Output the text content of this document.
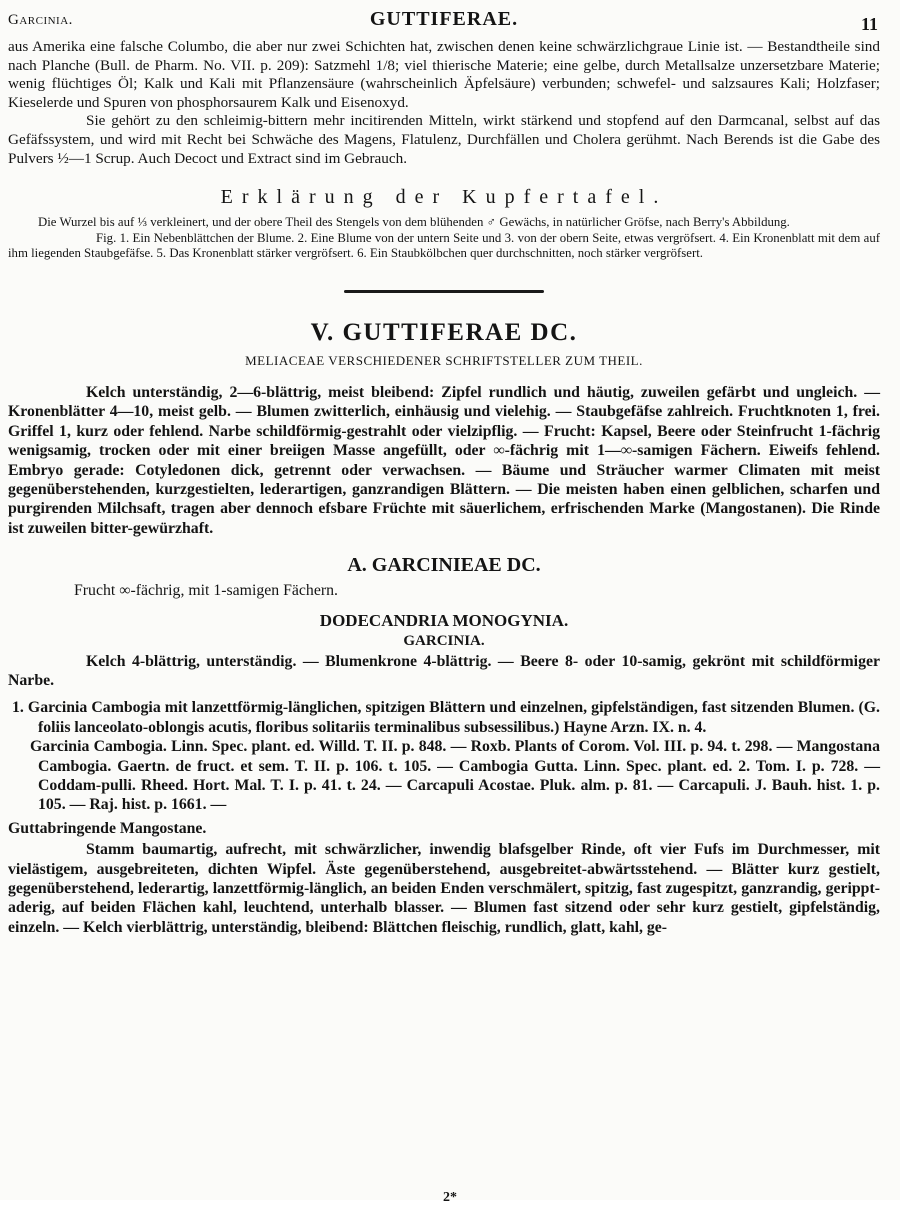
Garcinia.	GUTTIFERAE.	11

aus Amerika eine falsche Columbo, die aber nur zwei Schichten hat, zwischen denen keine schwärzlichgraue Linie ist. — Bestandtheile sind nach Planche (Bull. de Pharm. No. VII. p. 209): Satzmehl 1/8; viel thierische Materie; eine gelbe, durch Metallsalze unzersetzbare Materie; wenig flüchtiges Öl; Kalk und Kali mit Pflanzensäure (wahrscheinlich Äpfelsäure) verbunden; schwefel- und salzsaures Kali; Holzfaser; Kieselerde und Spuren von phosphorsaurem Kalk und Eisenoxyd.

Sie gehört zu den schleimig-bittern mehr incitirenden Mitteln, wirkt stärkend und stopfend auf den Darmcanal, selbst auf das Gefäfssystem, und wird mit Recht bei Schwäche des Magens, Flatulenz, Durchfällen und Cholera gerühmt. Nach Berends ist die Gabe des Pulvers ½—1 Scrup. Auch Decoct und Extract sind im Gebrauch.

Erklärung der Kupfertafel.

Die Wurzel bis auf ⅓ verkleinert, und der obere Theil des Stengels von dem blühenden ♂ Gewächs, in natürlicher Gröfse, nach Berry's Abbildung.

Fig. 1. Ein Nebenblättchen der Blume. 2. Eine Blume von der untern Seite und 3. von der obern Seite, etwas vergröfsert. 4. Ein Kronenblatt mit dem auf ihm liegenden Staubgefäfse. 5. Das Kronenblatt stärker vergröfsert. 6. Ein Staubkölbchen quer durchschnitten, noch stärker vergröfsert.

V. GUTTIFERAE DC.
MELIACEAE VERSCHIEDENER SCHRIFTSTELLER ZUM THEIL.

Kelch unterständig, 2—6-blättrig, meist bleibend: Zipfel rundlich und häutig, zuweilen gefärbt und ungleich. — Kronenblätter 4—10, meist gelb. — Blumen zwitterlich, einhäusig und vielehig. — Staubgefäfse zahlreich. Fruchtknoten 1, frei. Griffel 1, kurz oder fehlend. Narbe schildförmig-gestrahlt oder vielzipflig. — Frucht: Kapsel, Beere oder Steinfrucht 1-fächrig wenigsamig, trocken oder mit einer breiigen Masse angefüllt, oder ∞-fächrig mit 1—∞-samigen Fächern. Eiweifs fehlend. Embryo gerade: Cotyledonen dick, getrennt oder verwachsen. — Bäume und Sträucher warmer Climaten mit meist gegenüberstehenden, kurzgestielten, lederartigen, ganzrandigen Blättern. — Die meisten haben einen gelblichen, scharfen und purgirenden Milchsaft, tragen aber dennoch efsbare Früchte mit säuerlichem, erfrischenden Marke (Mangostanen). Die Rinde ist zuweilen bitter-gewürzhaft.

A. GARCINIEAE DC.
Frucht ∞-fächrig, mit 1-samigen Fächern.
DODECANDRIA MONOGYNIA.
GARCINIA.

Kelch 4-blättrig, unterständig. — Blumenkrone 4-blättrig. — Beere 8- oder 10-samig, gekrönt mit schildförmiger Narbe.

1. Garcinia Cambogia mit lanzettförmig-länglichen, spitzigen Blättern und einzelnen, gipfelständigen, fast sitzenden Blumen. (G. foliis lanceolato-oblongis acutis, floribus solitariis terminalibus subsessilibus.) Hayne Arzn. IX. n. 4.

Garcinia Cambogia. Linn. Spec. plant. ed. Willd. T. II. p. 848. — Roxb. Plants of Corom. Vol. III. p. 94. t. 298. — Mangostana Cambogia. Gaertn. de fruct. et sem. T. II. p. 106. t. 105. — Cambogia Gutta. Linn. Spec. plant. ed. 2. Tom. I. p. 728. — Coddam-pulli. Rheed. Hort. Mal. T. I. p. 41. t. 24. — Carcapuli Acostae. Pluk. alm. p. 81. — Carcapuli. J. Bauh. hist. 1. p. 105. — Raj. hist. p. 1661. —

Guttabringende Mangostane.

Stamm baumartig, aufrecht, mit schwärzlicher, inwendig blafsgelber Rinde, oft vier Fufs im Durchmesser, mit vielästigem, ausgebreiteten, dichten Wipfel. Äste gegenüberstehend, ausgebreitet-abwärtsstehend. — Blätter kurz gestielt, gegenüberstehend, lederartig, lanzettförmig-länglich, an beiden Enden verschmälert, spitzig, fast zugespitzt, ganzrandig, gerippt-aderig, auf beiden Flächen kahl, leuchtend, unterhalb blasser. — Blumen fast sitzend oder sehr kurz gestielt, gipfelständig, einzeln. — Kelch vierblättrig, unterständig, bleibend: Blättchen fleischig, rundlich, glatt, kahl, ge-

2*
